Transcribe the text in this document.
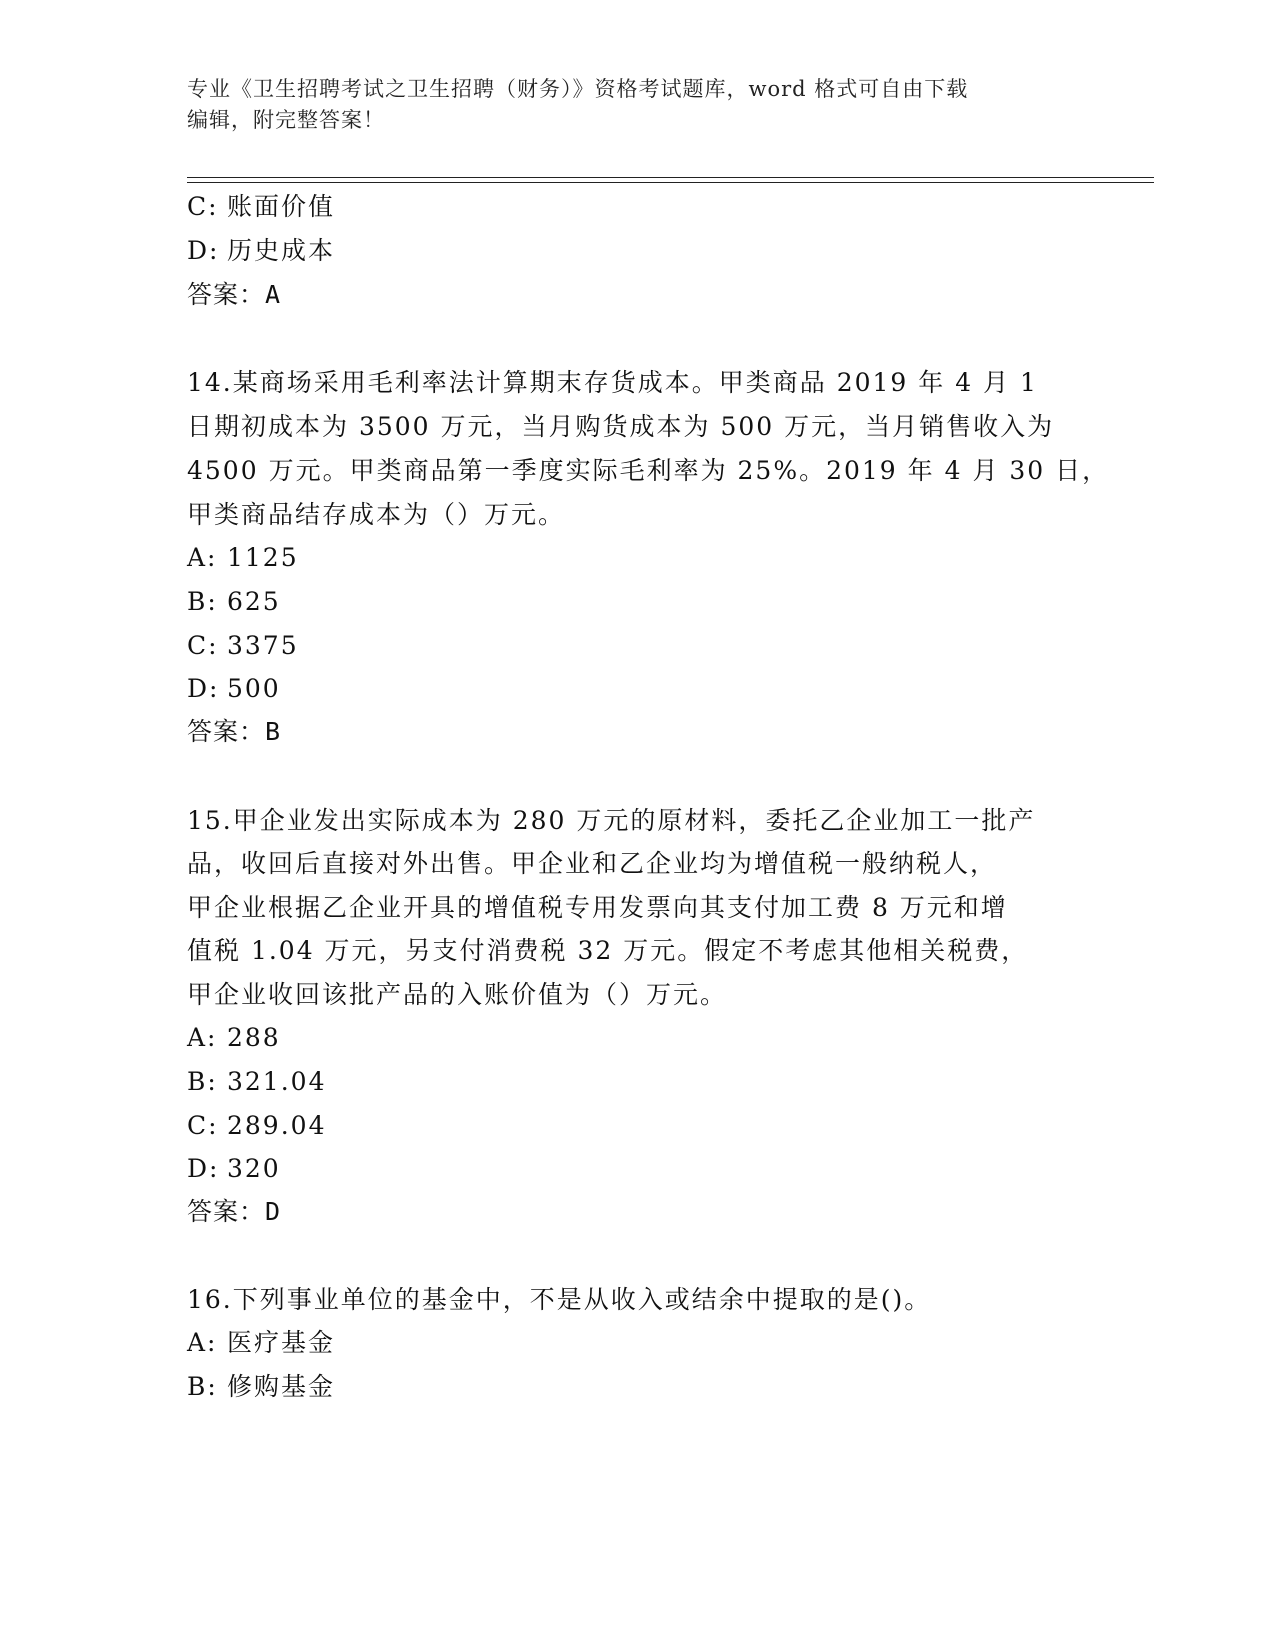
专业《卫生招聘考试之卫生招聘（财务）》资格考试题库，word 格式可自由下载
编辑，附完整答案！
C: 账面价值
D: 历史成本
答案：A
14.某商场采用毛利率法计算期末存货成本。甲类商品 2019 年 4 月 1
日期初成本为 3500 万元，当月购货成本为 500 万元，当月销售收入为
4500 万元。甲类商品第一季度实际毛利率为 25%。2019 年 4 月 30 日，
甲类商品结存成本为（）万元。
A: 1125
B: 625
C: 3375
D: 500
答案：B
15.甲企业发出实际成本为 280 万元的原材料，委托乙企业加工一批产
品，收回后直接对外出售。甲企业和乙企业均为增值税一般纳税人，
甲企业根据乙企业开具的增值税专用发票向其支付加工费 8 万元和增
值税 1.04 万元，另支付消费税 32 万元。假定不考虑其他相关税费，
甲企业收回该批产品的入账价值为（）万元。
A: 288
B: 321.04
C: 289.04
D: 320
答案：D
16.下列事业单位的基金中，不是从收入或结余中提取的是()。
A: 医疗基金
B: 修购基金
